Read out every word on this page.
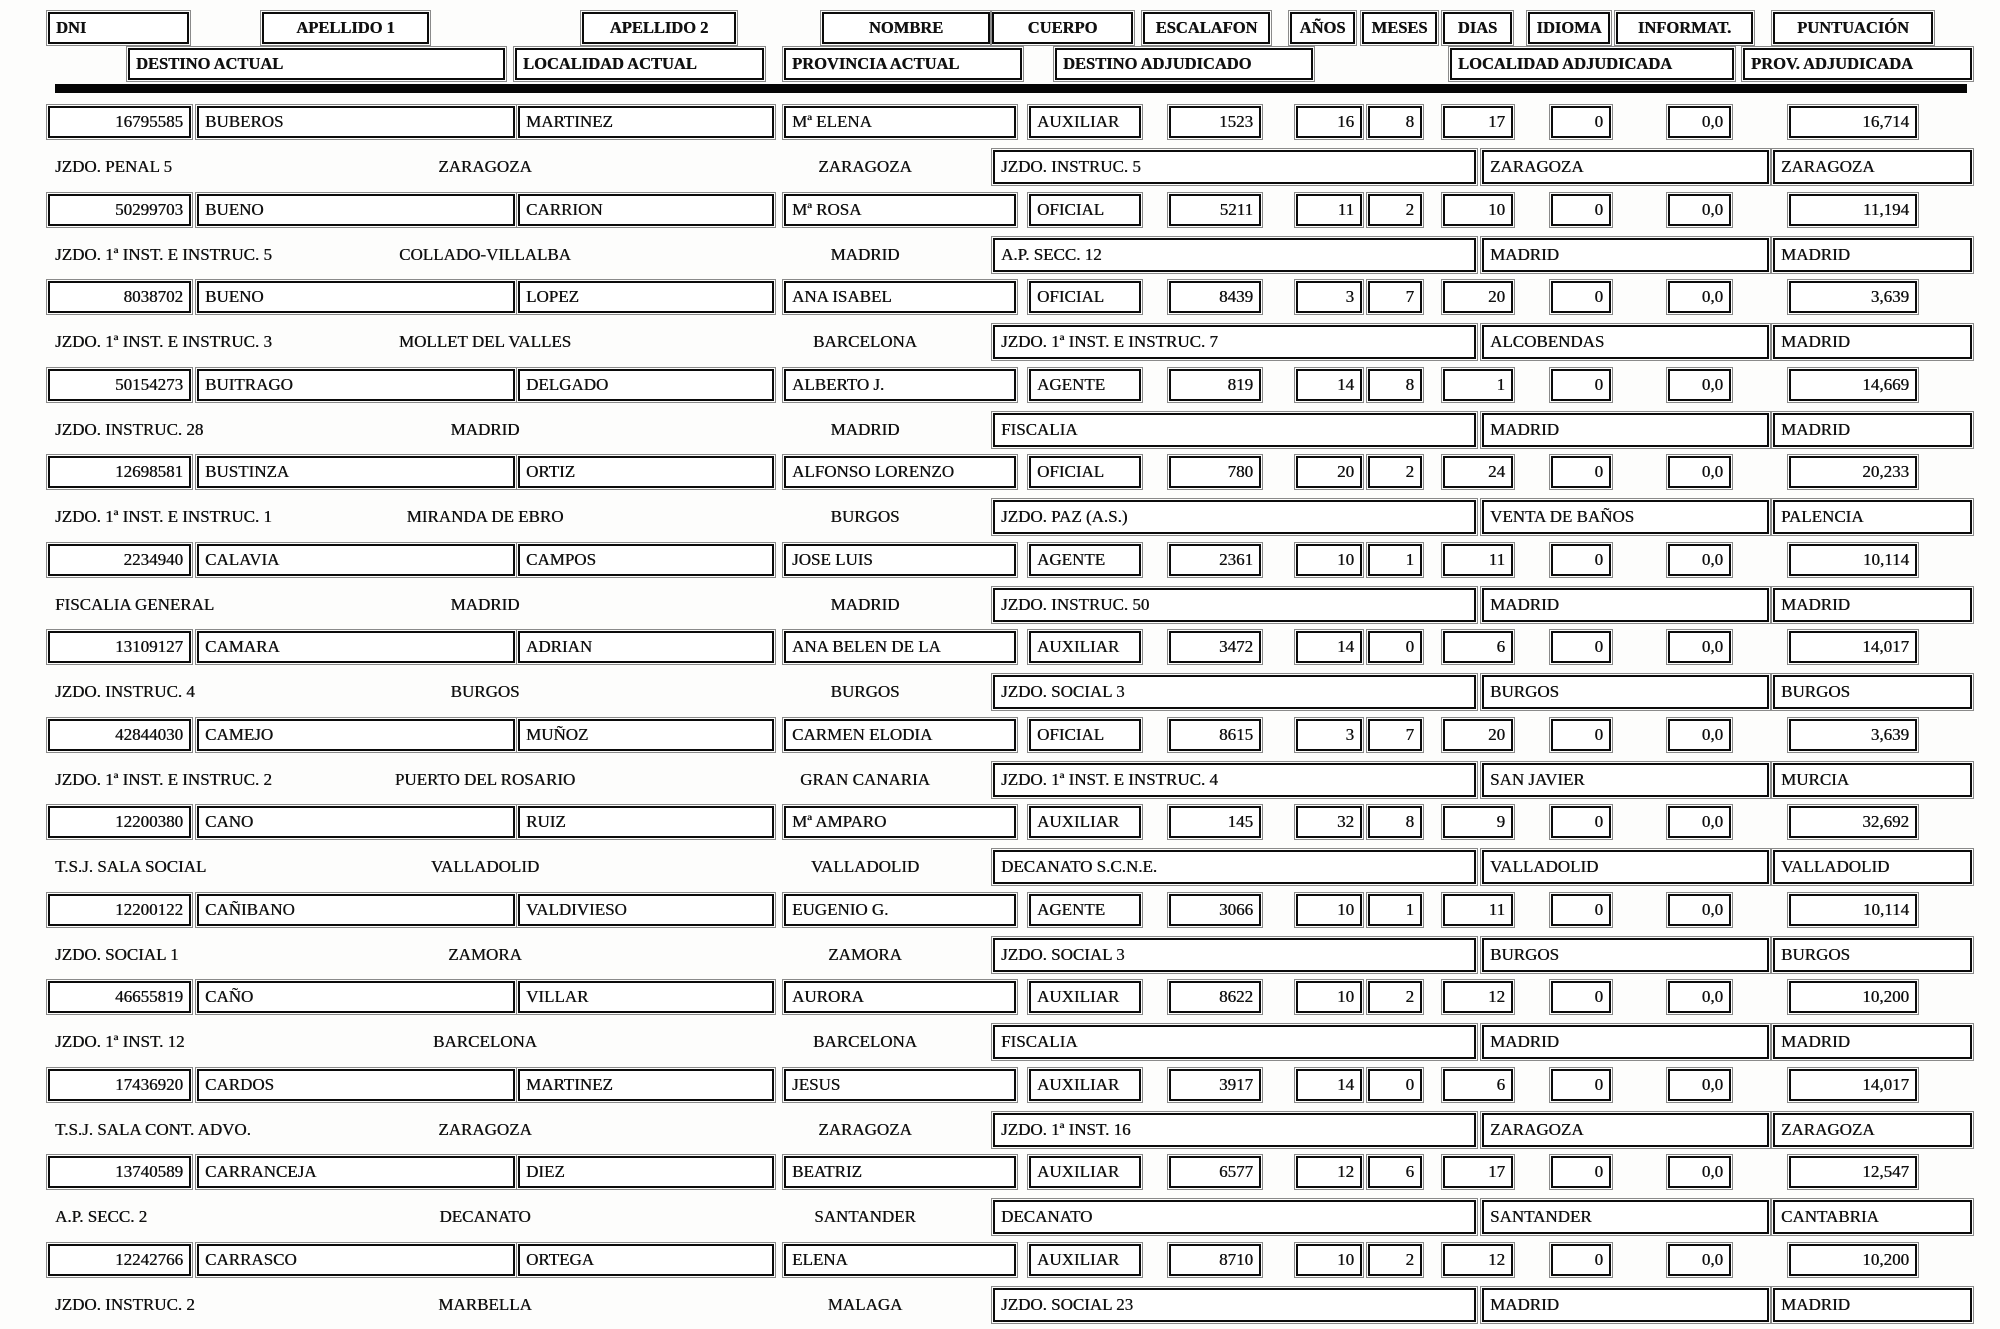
DNI	APELLIDO 1	APELLIDO 2	NOMBRE	CUERPO	ESCALAFON	AÑOS	MESES	DIAS	IDIOMA	INFORMAT.	PUNTUACIÓN
DESTINO ACTUAL	LOCALIDAD ACTUAL	PROVINCIA ACTUAL	DESTINO ADJUDICADO	LOCALIDAD ADJUDICADA	PROV. ADJUDICADA
16795585	BUBEROS	MARTINEZ	Mª ELENA	AUXILIAR	1523	16	8	17	0	0,0	16,714
JZDO. PENAL 5	ZARAGOZA	ZARAGOZA	JZDO. INSTRUC. 5	ZARAGOZA	ZARAGOZA
50299703	BUENO	CARRION	Mª ROSA	OFICIAL	5211	11	2	10	0	0,0	11,194
JZDO. 1ª INST. E INSTRUC. 5	COLLADO-VILLALBA	MADRID	A.P. SECC. 12	MADRID	MADRID
8038702	BUENO	LOPEZ	ANA ISABEL	OFICIAL	8439	3	7	20	0	0,0	3,639
JZDO. 1ª INST. E INSTRUC. 3	MOLLET DEL VALLES	BARCELONA	JZDO. 1ª INST. E INSTRUC. 7	ALCOBENDAS	MADRID
50154273	BUITRAGO	DELGADO	ALBERTO J.	AGENTE	819	14	8	1	0	0,0	14,669
JZDO. INSTRUC. 28	MADRID	MADRID	FISCALIA	MADRID	MADRID
12698581	BUSTINZA	ORTIZ	ALFONSO LORENZO	OFICIAL	780	20	2	24	0	0,0	20,233
JZDO. 1ª INST. E INSTRUC. 1	MIRANDA DE EBRO	BURGOS	JZDO. PAZ (A.S.)	VENTA DE BAÑOS	PALENCIA
2234940	CALAVIA	CAMPOS	JOSE LUIS	AGENTE	2361	10	1	11	0	0,0	10,114
FISCALIA GENERAL	MADRID	MADRID	JZDO. INSTRUC. 50	MADRID	MADRID
13109127	CAMARA	ADRIAN	ANA BELEN DE LA	AUXILIAR	3472	14	0	6	0	0,0	14,017
JZDO. INSTRUC. 4	BURGOS	BURGOS	JZDO. SOCIAL 3	BURGOS	BURGOS
42844030	CAMEJO	MUÑOZ	CARMEN ELODIA	OFICIAL	8615	3	7	20	0	0,0	3,639
JZDO. 1ª INST. E INSTRUC. 2	PUERTO DEL ROSARIO	GRAN CANARIA	JZDO. 1ª INST. E INSTRUC. 4	SAN JAVIER	MURCIA
12200380	CANO	RUIZ	Mª AMPARO	AUXILIAR	145	32	8	9	0	0,0	32,692
T.S.J. SALA SOCIAL	VALLADOLID	VALLADOLID	DECANATO S.C.N.E.	VALLADOLID	VALLADOLID
12200122	CAÑIBANO	VALDIVIESO	EUGENIO G.	AGENTE	3066	10	1	11	0	0,0	10,114
JZDO. SOCIAL 1	ZAMORA	ZAMORA	JZDO. SOCIAL 3	BURGOS	BURGOS
46655819	CAÑO	VILLAR	AURORA	AUXILIAR	8622	10	2	12	0	0,0	10,200
JZDO. 1ª INST. 12	BARCELONA	BARCELONA	FISCALIA	MADRID	MADRID
17436920	CARDOS	MARTINEZ	JESUS	AUXILIAR	3917	14	0	6	0	0,0	14,017
T.S.J. SALA CONT. ADVO.	ZARAGOZA	ZARAGOZA	JZDO. 1ª INST. 16	ZARAGOZA	ZARAGOZA
13740589	CARRANCEJA	DIEZ	BEATRIZ	AUXILIAR	6577	12	6	17	0	0,0	12,547
A.P. SECC. 2	DECANATO	SANTANDER	DECANATO	SANTANDER	CANTABRIA
12242766	CARRASCO	ORTEGA	ELENA	AUXILIAR	8710	10	2	12	0	0,0	10,200
JZDO. INSTRUC. 2	MARBELLA	MALAGA	JZDO. SOCIAL 23	MADRID	MADRID
